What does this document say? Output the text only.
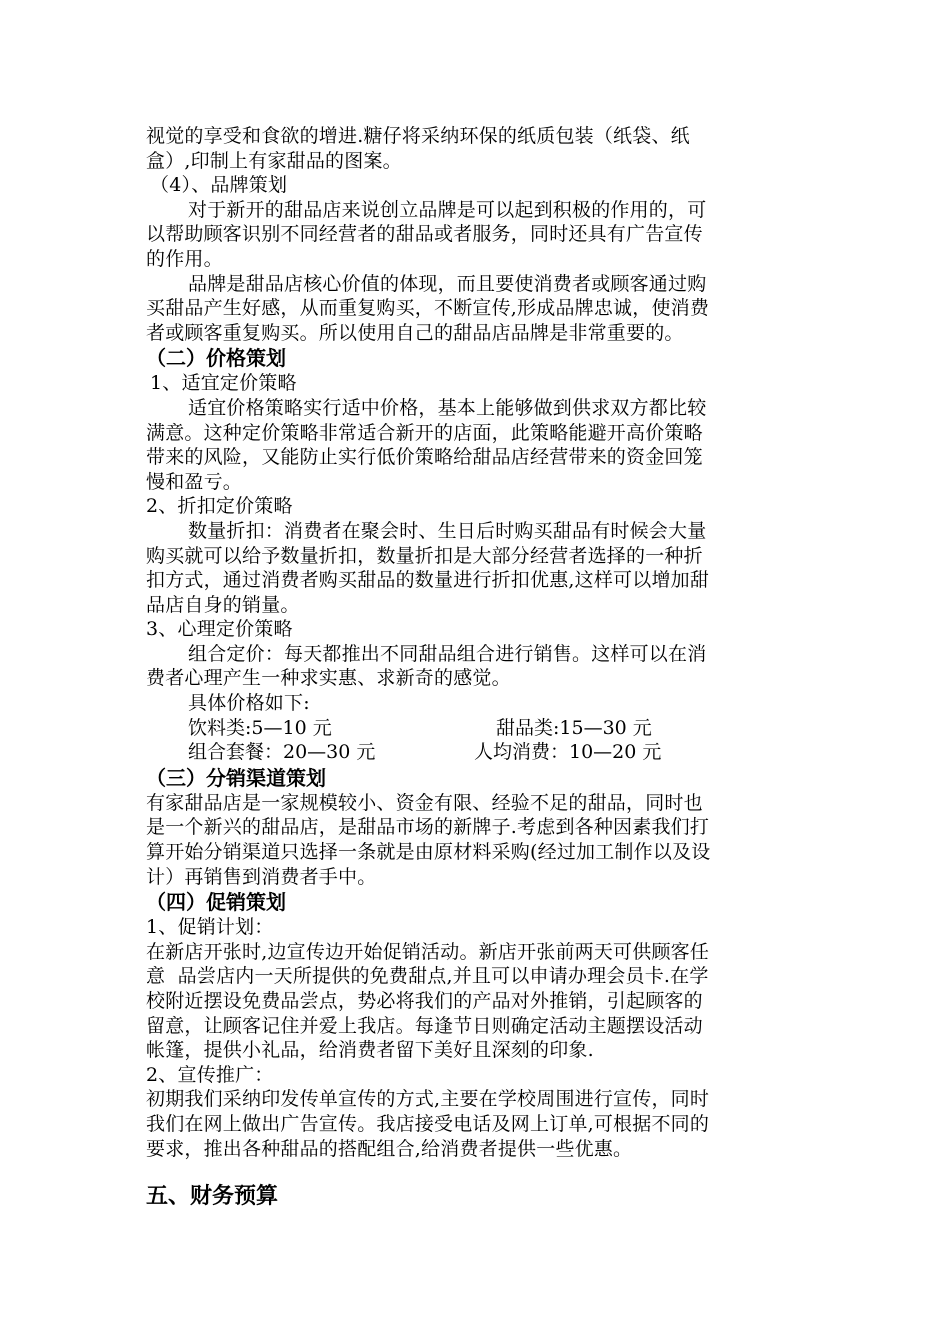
视觉的享受和食欲的增进.糖仔将采纳环保的纸质包装（纸袋、纸
盒）,印制上有家甜品的图案。
（4）、品牌策划
对于新开的甜品店来说创立品牌是可以起到积极的作用的，可
以帮助顾客识别不同经营者的甜品或者服务，同时还具有广告宣传
的作用。
品牌是甜品店核心价值的体现，而且要使消费者或顾客通过购
买甜品产生好感，从而重复购买，不断宣传,形成品牌忠诚，使消费
者或顾客重复购买。所以使用自己的甜品店品牌是非常重要的。
（二）价格策划
1、适宜定价策略
适宜价格策略实行适中价格，基本上能够做到供求双方都比较
满意。这种定价策略非常适合新开的店面，此策略能避开高价策略
带来的风险，又能防止实行低价策略给甜品店经营带来的资金回笼
慢和盈亏。
2、折扣定价策略
数量折扣：消费者在聚会时、生日后时购买甜品有时候会大量
购买就可以给予数量折扣，数量折扣是大部分经营者选择的一种折
扣方式，通过消费者购买甜品的数量进行折扣优惠,这样可以增加甜
品店自身的销量。
3、心理定价策略
组合定价：每天都推出不同甜品组合进行销售。这样可以在消
费者心理产生一种求实惠、求新奇的感觉。
具体价格如下:
饮料类:5—10 元	甜品类:15—30 元
组合套餐：20—30 元	人均消费：10—20 元
（三）分销渠道策划
有家甜品店是一家规模较小、资金有限、经验不足的甜品，同时也
是一个新兴的甜品店，是甜品市场的新牌子.考虑到各种因素我们打
算开始分销渠道只选择一条就是由原材料采购(经过加工制作以及设
计）再销售到消费者手中。
（四）促销策划
1、促销计划：
在新店开张时,边宣传边开始促销活动。新店开张前两天可供顾客任
意  品尝店内一天所提供的免费甜点,并且可以申请办理会员卡.在学
校附近摆设免费品尝点，势必将我们的产品对外推销，引起顾客的
留意，让顾客记住并爱上我店。每逢节日则确定活动主题摆设活动
帐篷，提供小礼品，给消费者留下美好且深刻的印象.
2、宣传推广：
初期我们采纳印发传单宣传的方式,主要在学校周围进行宣传，同时
我们在网上做出广告宣传。我店接受电话及网上订单,可根据不同的
要求，推出各种甜品的搭配组合,给消费者提供一些优惠。
五、财务预算
